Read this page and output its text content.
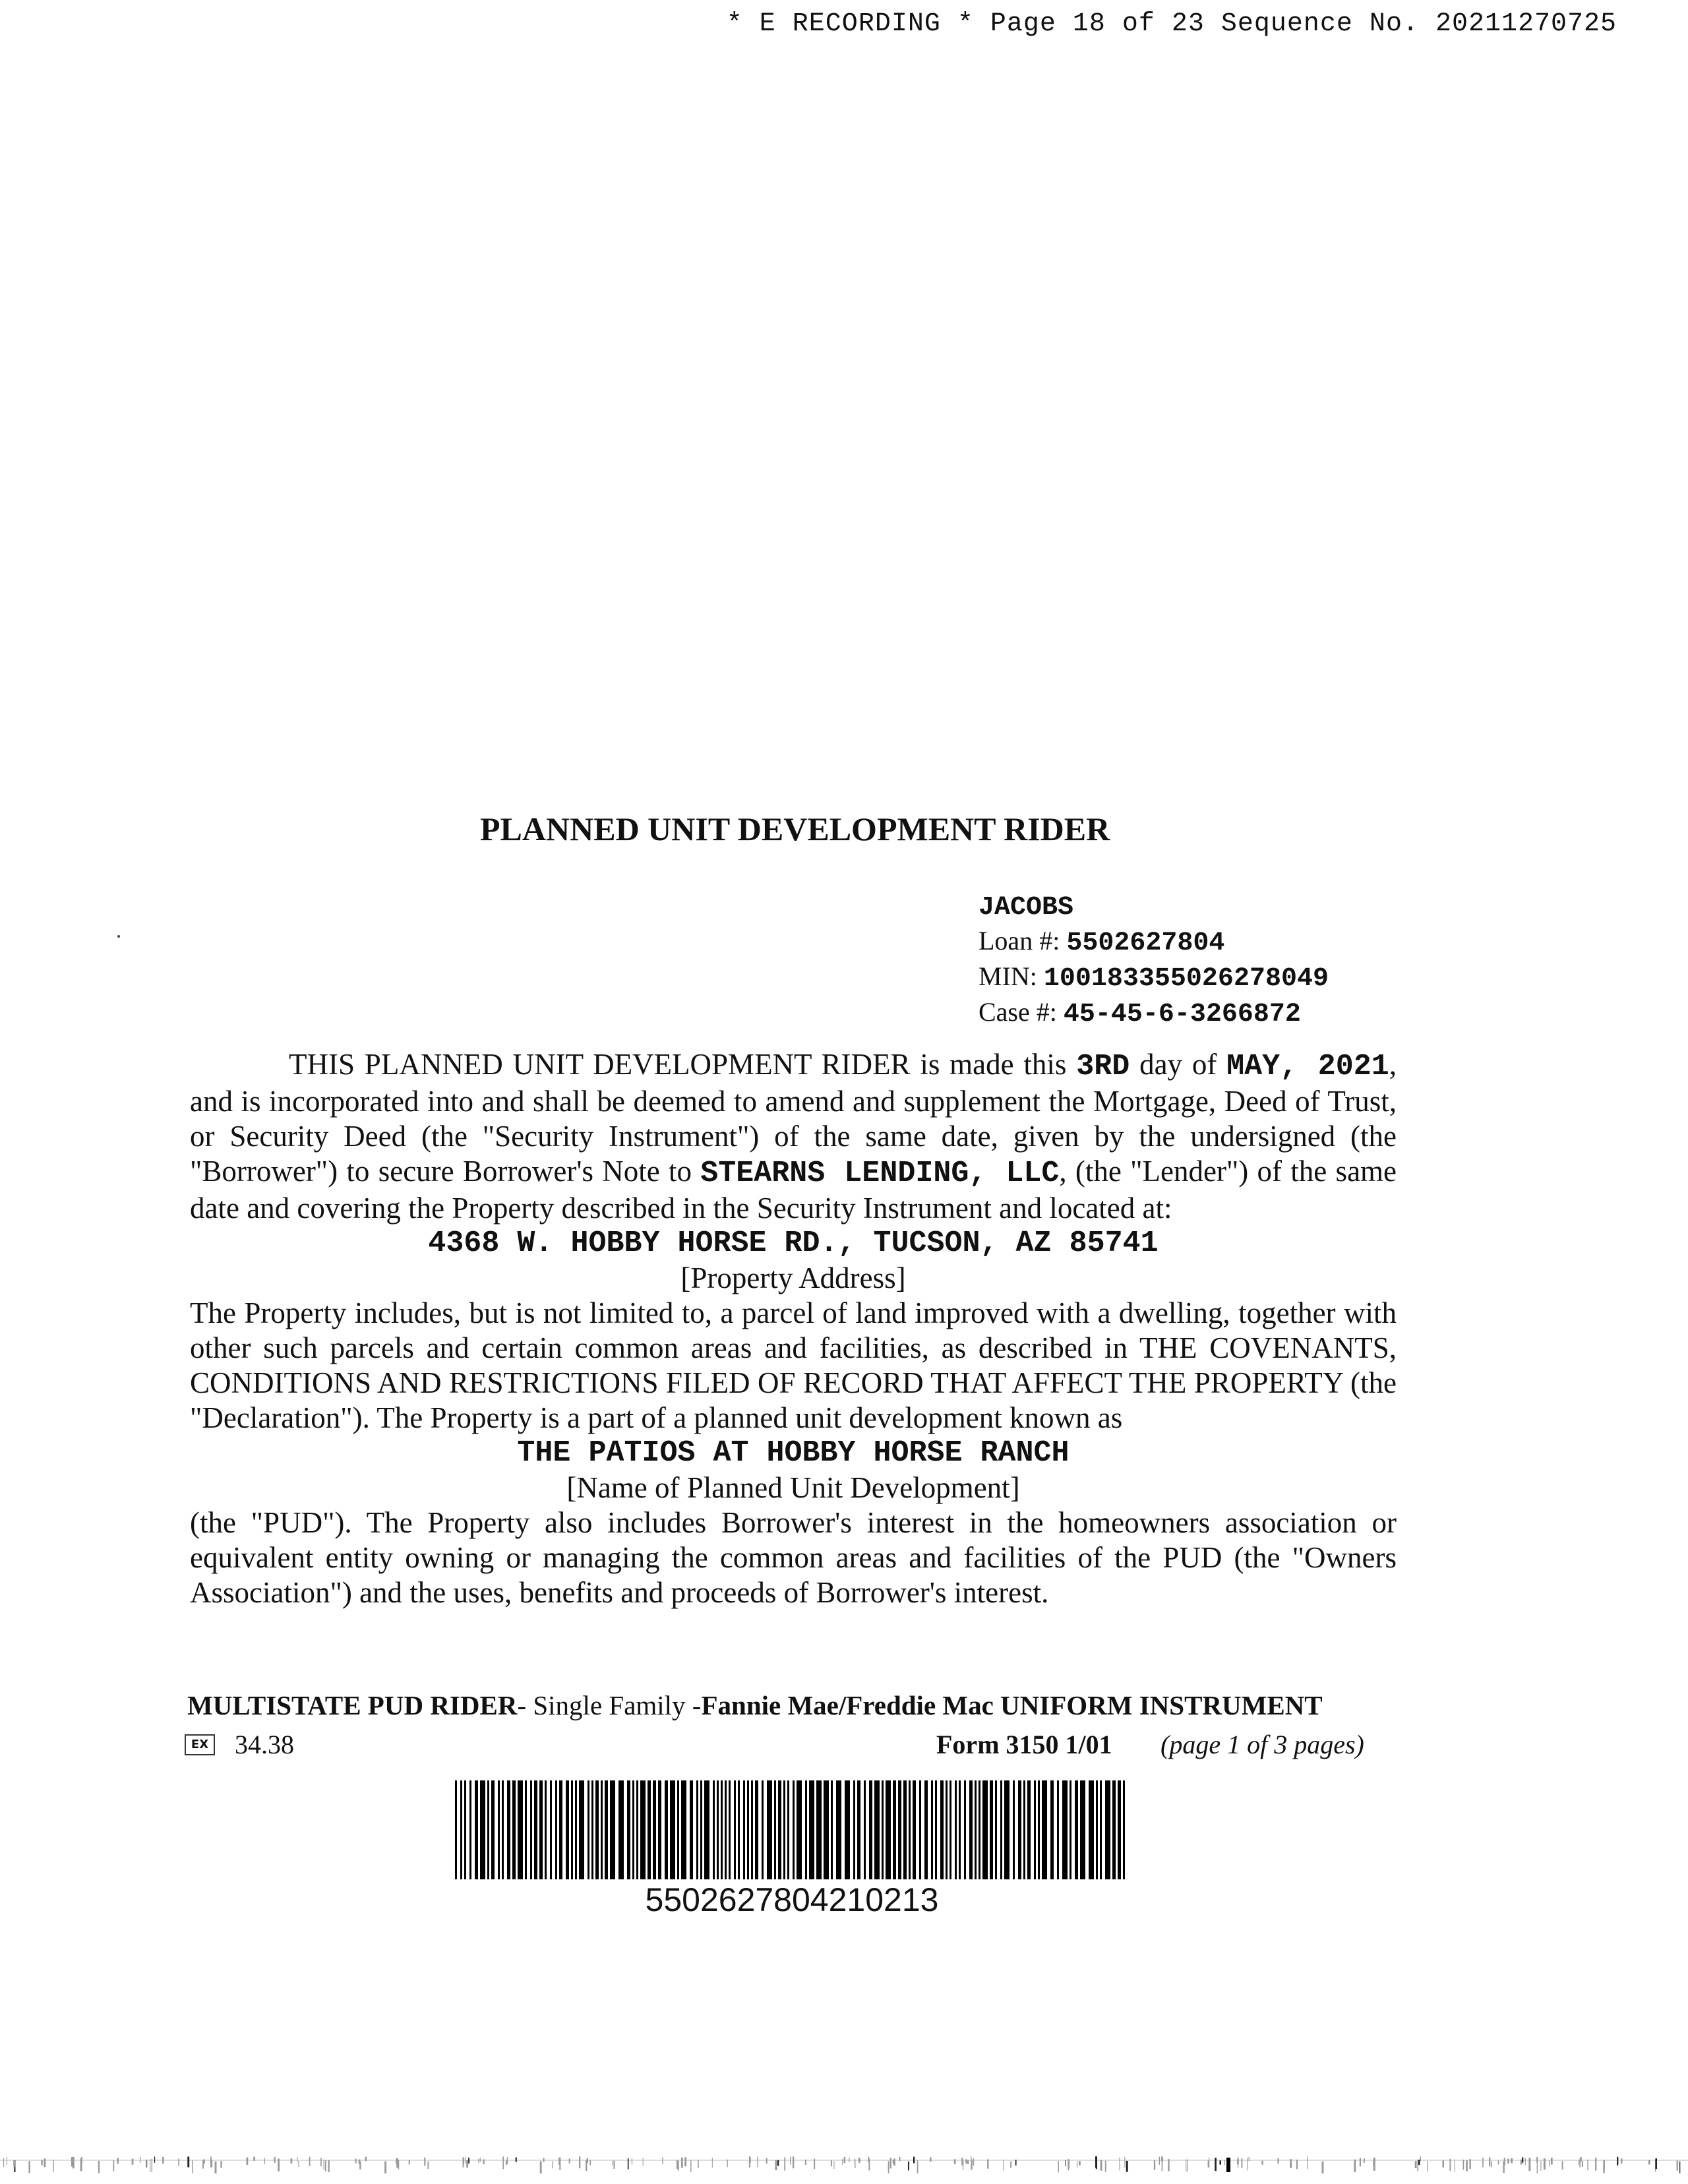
* E RECORDING * Page 18 of 23 Sequence No. 20211270725
PLANNED UNIT DEVELOPMENT RIDER
JACOBS
Loan #: 5502627804
MIN: 100183355026278049
Case #: 45-45-6-3266872

THIS PLANNED UNIT DEVELOPMENT RIDER is made this 3RD day of MAY, 2021, and is incorporated into and shall be deemed to amend and supplement the Mortgage, Deed of Trust, or Security Deed (the "Security Instrument") of the same date, given by the undersigned (the "Borrower") to secure Borrower's Note to STEARNS LENDING, LLC, (the "Lender") of the same date and covering the Property described in the Security Instrument and located at:

4368 W. HOBBY HORSE RD., TUCSON, AZ 85741

[Property Address]

The Property includes, but is not limited to, a parcel of land improved with a dwelling, together with other such parcels and certain common areas and facilities, as described in THE COVENANTS, CONDITIONS AND RESTRICTIONS FILED OF RECORD THAT AFFECT THE PROPERTY (the "Declaration"). The Property is a part of a planned unit development known as

THE PATIOS AT HOBBY HORSE RANCH

[Name of Planned Unit Development]

(the "PUD"). The Property also includes Borrower's interest in the homeowners association or equivalent entity owning or managing the common areas and facilities of the PUD (the "Owners Association") and the uses, benefits and proceeds of Borrower's interest.

MULTISTATE PUD RIDER- Single Family -Fannie Mae/Freddie Mac UNIFORM INSTRUMENT
EX 34.38	Form 3150 1/01 (page 1 of 3 pages)
5502627804210213
